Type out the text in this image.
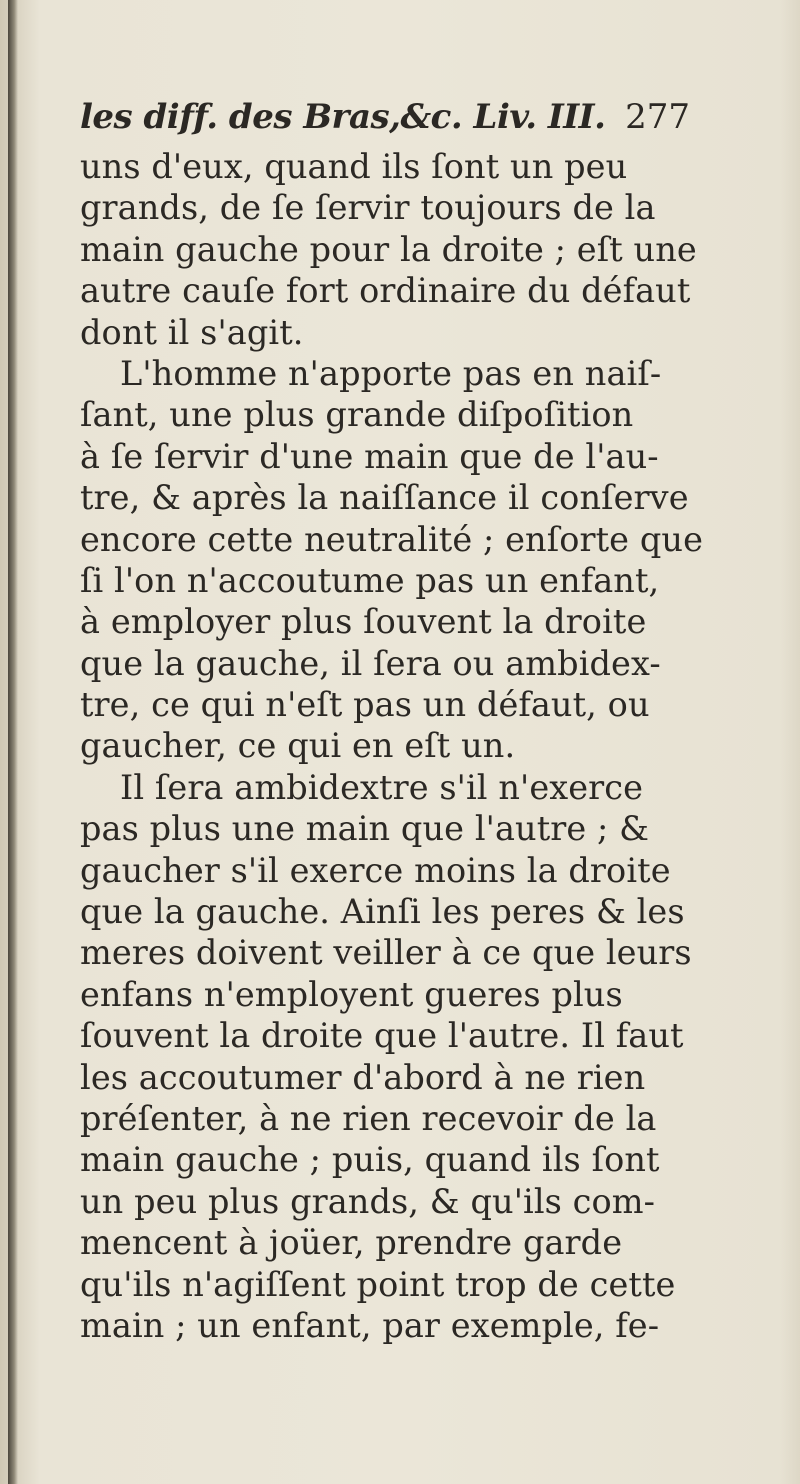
les diff. des Bras,&c. Liv. III. 277
uns d'eux, quand ils ſont un peu
grands, de ſe ſervir toujours de la
main gauche pour la droite ; eſt une
autre cauſe fort ordinaire du défaut
dont il s'agit.
L'homme n'apporte pas en naiſ-
ſant, une plus grande diſpoſition
à ſe ſervir d'une main que de l'au-
tre, & après la naiſſance il conſerve
encore cette neutralité ; enſorte que
ſi l'on n'accoutume pas un enfant,
à employer plus ſouvent la droite
que la gauche, il ſera ou ambidex-
tre, ce qui n'eſt pas un défaut, ou
gaucher, ce qui en eſt un.
Il ſera ambidextre s'il n'exerce
pas plus une main que l'autre ; &
gaucher s'il exerce moins la droite
que la gauche. Ainſi les peres & les
meres doivent veiller à ce que leurs
enfans n'employent gueres plus
ſouvent la droite que l'autre. Il faut
les accoutumer d'abord à ne rien
préſenter, à ne rien recevoir de la
main gauche ; puis, quand ils ſont
un peu plus grands, & qu'ils com-
mencent à joüer, prendre garde
qu'ils n'agiſſent point trop de cette
main ; un enfant, par exemple, fe-
